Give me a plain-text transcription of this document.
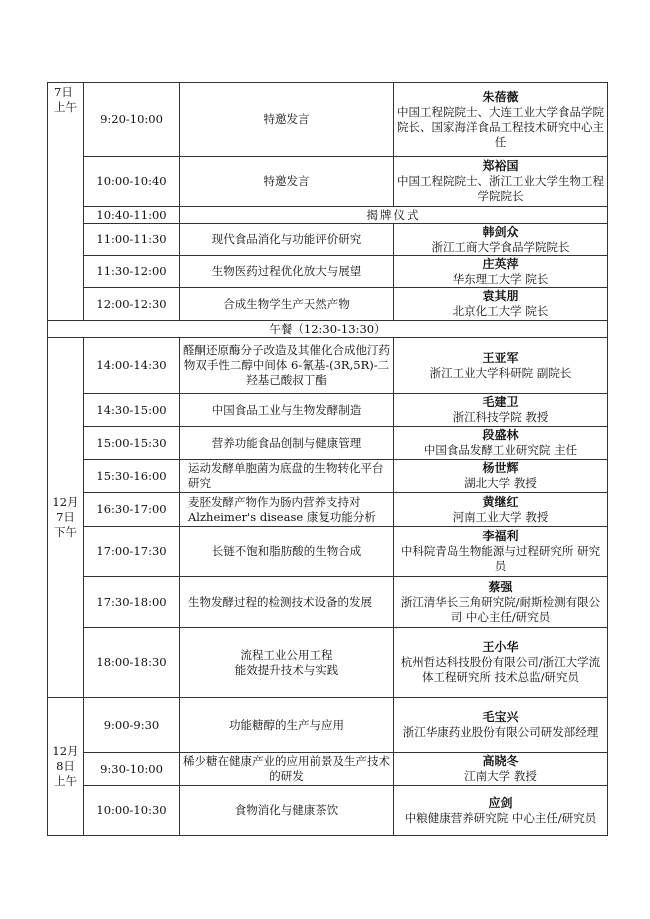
7日
上午	9:20-10:00	特邀发言	朱蓓薇
中国工程院院士、大连工业大学食品学院院长、国家海洋食品工程技术研究中心主任

	10:00-10:40	特邀发言	郑裕国
中国工程院院士、浙江工业大学生物工程学院院长

	10:40-11:00	揭牌仪式	
	11:00-11:30	现代食品消化与功能评价研究	韩剑众
浙江工商大学食品学院院长

	11:30-12:00	生物医药过程优化放大与展望	庄英萍
华东理工大学 院长

	12:00-12:30	合成生物学生产天然产物	袁其朋
北京化工大学 院长

午餐（12:30-13:30）			
12月
7日
下午	14:00-14:30	醛酮还原酶分子改造及其催化合成他汀药物双手性二醇中间体 6-氰基-(3R,5R)-二羟基己酸叔丁酯	王亚军
浙江工业大学科研院 副院长

	14:30-15:00	中国食品工业与生物发酵制造	毛建卫
浙江科技学院 教授

	15:00-15:30	营养功能食品创制与健康管理	段盛林
中国食品发酵工业研究院 主任

	15:30-16:00	运动发酵单胞菌为底盘的生物转化平台研究	杨世辉
湖北大学 教授

	16:30-17:00	麦胚发酵产物作为肠内营养支持对 Alzheimer's disease 康复功能分析	黄继红
河南工业大学 教授

	17:00-17:30	长链不饱和脂肪酸的生物合成	李福利
中科院青岛生物能源与过程研究所 研究员

	17:30-18:00	生物发酵过程的检测技术设备的发展	蔡强
浙江清华长三角研究院/耐斯检测有限公司 中心主任/研究员

	18:00-18:30	流程工业公用工程
能效提升技术与实践	王小华
杭州哲达科技股份有限公司/浙江大学流体工程研究所 技术总监/研究员

12月
8日
上午	9:00-9:30	功能糖醇的生产与应用	毛宝兴
浙江华康药业股份有限公司研发部经理

	9:30-10:00	稀少糖在健康产业的应用前景及生产技术的研发	高晓冬
江南大学 教授

	10:00-10:30	食物消化与健康茶饮	应剑
中粮健康营养研究院 中心主任/研究员
